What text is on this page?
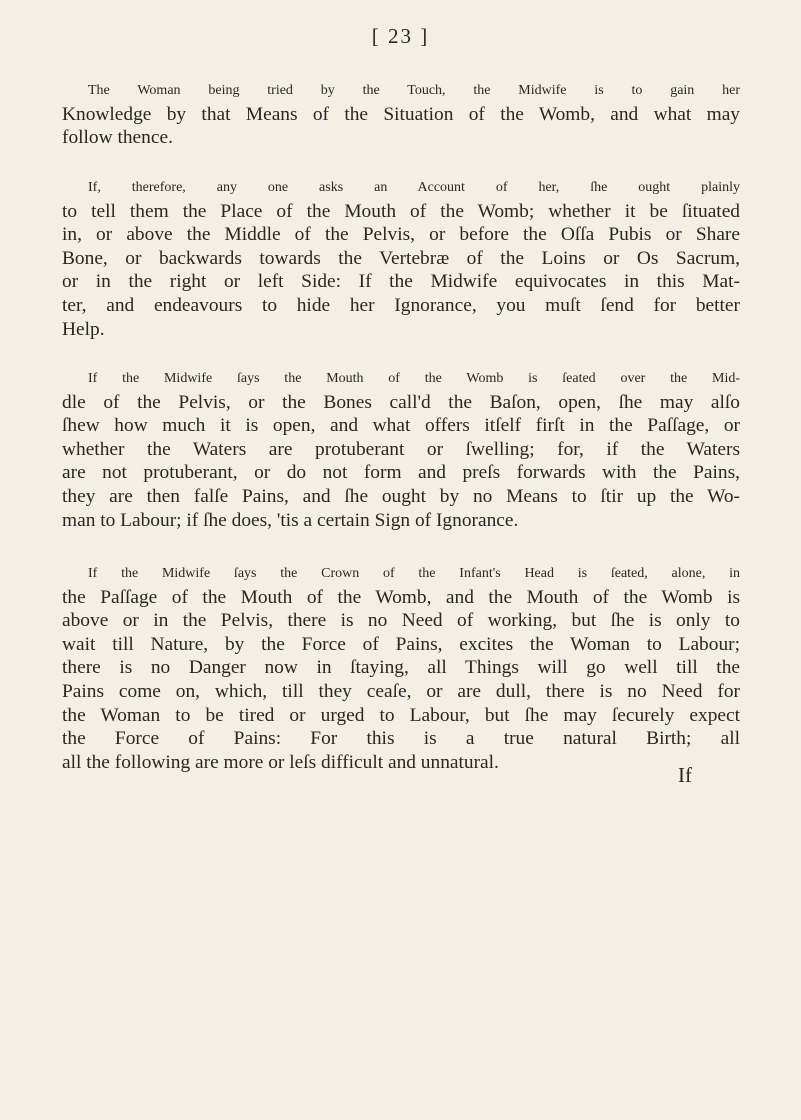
[ 23 ]
The Woman being tried by the Touch, the Midwife is to gain her
Knowledge by that Means of the Situation of the Womb, and what may
follow thence.
If, therefore, any one asks an Account of her, ſhe ought plainly
to tell them the Place of the Mouth of the Womb; whether it be ſituated
in, or above the Middle of the Pelvis, or before the Oſſa Pubis or Share
Bone, or backwards towards the Vertebræ of the Loins or Os Sacrum,
or in the right or left Side: If the Midwife equivocates in this Mat-
ter, and endeavours to hide her Ignorance, you muſt ſend for better
Help.
If the Midwife ſays the Mouth of the Womb is ſeated over the Mid-
dle of the Pelvis, or the Bones call'd the Baſon, open, ſhe may alſo
ſhew how much it is open, and what offers itſelf firſt in the Paſſage, or
whether the Waters are protuberant or ſwelling; for, if the Waters
are not protuberant, or do not form and preſs forwards with the Pains,
they are then falſe Pains, and ſhe ought by no Means to ſtir up the Wo-
man to Labour; if ſhe does, 'tis a certain Sign of Ignorance.
If the Midwife ſays the Crown of the Infant's Head is ſeated, alone, in
the Paſſage of the Mouth of the Womb, and the Mouth of the Womb is
above or in the Pelvis, there is no Need of working, but ſhe is only to
wait till Nature, by the Force of Pains, excites the Woman to Labour;
there is no Danger now in ſtaying, all Things will go well till the
Pains come on, which, till they ceaſe, or are dull, there is no Need for
the Woman to be tired or urged to Labour, but ſhe may ſecurely expect
the Force of Pains: For this is a true natural Birth; all
all the following are more or leſs difficult and unnatural.
If
